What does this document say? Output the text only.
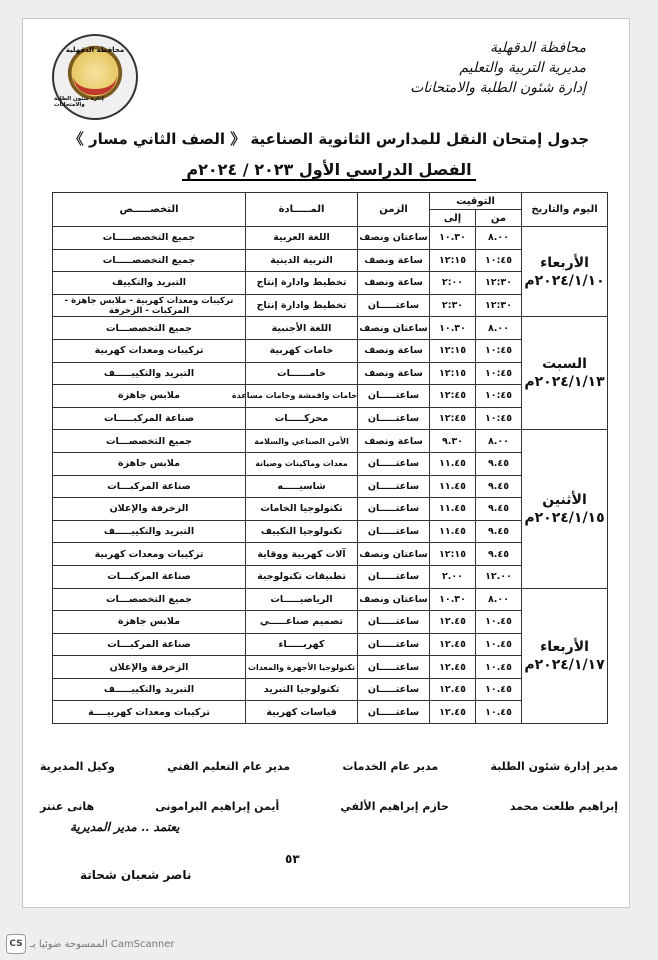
محافظة الدقهلية
إدارة شئون الطلبة والامتحانات
محافظة الدقهلية
مديرية التربية والتعليم
إدارة شئون الطلبة والامتحانات
جدول إمتحان النقل للمدارس الثانوية الصناعية 《 الصف الثاني مسار 》
الفصل الدراسي الأول ٢٠٢٣ / ٢٠٢٤م
اليوم والتاريخ	التوقيت		الزمن	المـــــادة	التخصـــــص
	من	إلى			

الأربعاء
٢٠٢٤/١/١٠م	٨.٠٠	١٠.٣٠	ساعتان ونصف	اللغة العربية	جميع التخصصـــــات
	١٠:٤٥	١٢:١٥	ساعة ونصف	التربية الدينية	جميع التخصصـــــات
	١٢:٣٠	٢:٠٠	ساعة ونصف	تخطيط وادارة إنتاج	التبريد والتكييف
	١٢:٣٠	٢:٣٠	ساعتـــــان	تخطيط وادارة إنتاج	تركيبات ومعدات كهربية - ملابس جاهزة - المركبات - الزخرفة

السبت
٢٠٢٤/١/١٣م	٨.٠٠	١٠.٣٠	ساعتان ونصف	اللغة الأجنبية	جميع التخصصـــات
	١٠:٤٥	١٢:١٥	ساعة ونصف	خامات كهربية	تركيبات ومعدات كهربية
	١٠:٤٥	١٢:١٥	ساعة ونصف	خامــــــات	التبريد والتكييـــــف
	١٠:٤٥	١٢:٤٥	ساعتـــــان	خامات واقمشة وخامات مساعدة	ملابس جاهزة
	١٠:٤٥	١٢:٤٥	ساعتـــــان	محركـــــات	صناعة المركبـــــات

الأثنين
٢٠٢٤/١/١٥م	٨.٠٠	٩.٣٠	ساعة ونصف	الأمن الصناعي والسلامة	جميع التخصصـــات
	٩.٤٥	١١.٤٥	ساعتـــــان	معدات وماكينات وصيانة	ملابس جاهزة
	٩.٤٥	١١.٤٥	ساعتـــــان	شاسيـــــه	صناعة المركبـــات
	٩.٤٥	١١.٤٥	ساعتـــــان	تكنولوجيا الخامات	الزخرفة والإعلان
	٩.٤٥	١١.٤٥	ساعتـــــان	تكنولوجيا التكييف	التبريد والتكييـــــف
	٩.٤٥	١٢:١٥	ساعتان ونصف	آلات كهربية ووقاية	تركيبات ومعدات كهربية
	١٢.٠٠	٢.٠٠	ساعتـــــان	تطبيقات تكنولوجية	صناعة المركبـــات

الأربعاء
٢٠٢٤/١/١٧م	٨.٠٠	١٠.٣٠	ساعتان ونصف	الرياضيـــــات	جميع التخصصـــات
	١٠.٤٥	١٢.٤٥	ساعتـــــان	تصميم صناعـــــي	ملابس جاهزة
	١٠.٤٥	١٢.٤٥	ساعتـــــان	كهربـــــاء	صناعة المركبـــات
	١٠.٤٥	١٢.٤٥	ساعتـــــان	تكنولوجيا الأجهزة والمعدات	الزخرفة والإعلان
	١٠.٤٥	١٢.٤٥	ساعتـــــان	تكنولوجيا التبريد	التبريد والتكييـــــف
	١٠.٤٥	١٢.٤٥	ساعتـــــان	قياسات كهربية	تركيبات ومعدات كهربيــــة
مدير إدارة شئون الطلبة
مدير عام الخدمات
مدير عام التعليم الفني
وكيل المديرية
إبراهيم طلعت محمد
حازم إبراهيم الألفي
أيمن إبراهيم البرامونى
هانى عنتر
يعتمد .. مدير المديرية
٥٣
ناصر شعبان شحاتة
CS الممسوحة ضوئيا بـ CamScanner
